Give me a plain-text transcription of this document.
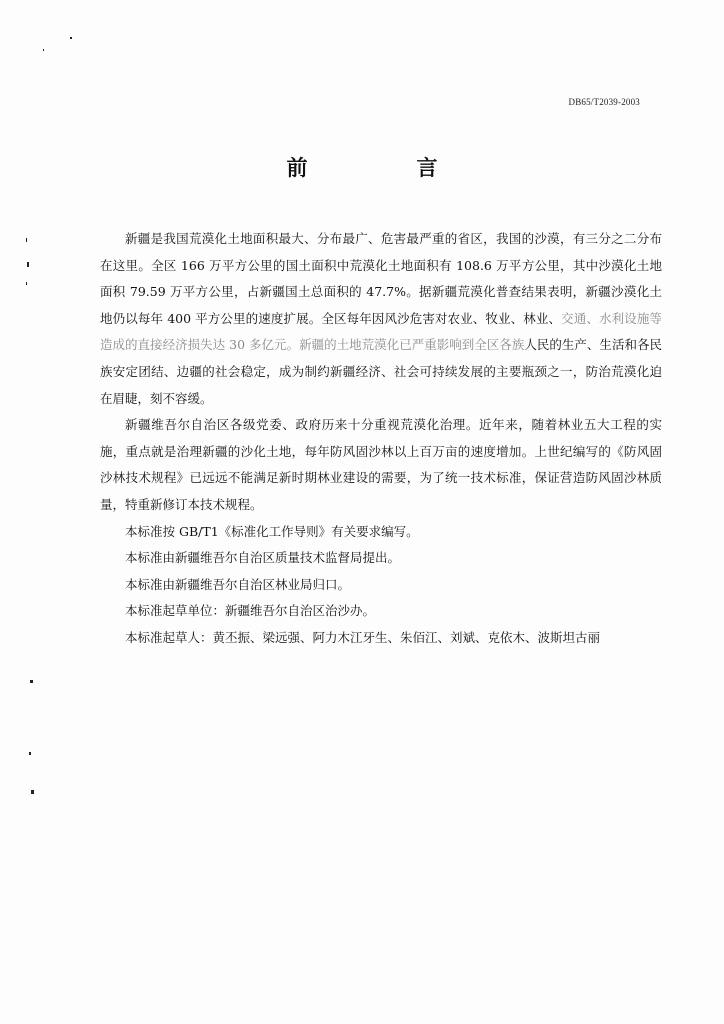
DB65/T2039-2003
前　言

新疆是我国荒漠化土地面积最大、分布最广、危害最严重的省区，我国的沙漠，有三分之二分布在这里。全区 166 万平方公里的国土面积中荒漠化土地面积有 108.6 万平方公里，其中沙漠化土地面积 79.59 万平方公里，占新疆国土总面积的 47.7%。据新疆荒漠化普查结果表明，新疆沙漠化土地仍以每年 400 平方公里的速度扩展。全区每年因风沙危害对农业、牧业、林业、交通、水利设施等造成的直接经济损失达 30 多亿元。新疆的土地荒漠化已严重影响到全区各族人民的生产、生活和各民族安定团结、边疆的社会稳定，成为制约新疆经济、社会可持续发展的主要瓶颈之一，防治荒漠化迫在眉睫，刻不容缓。

新疆维吾尔自治区各级党委、政府历来十分重视荒漠化治理。近年来，随着林业五大工程的实施，重点就是治理新疆的沙化土地，每年防风固沙林以上百万亩的速度增加。上世纪编写的《防风固沙林技术规程》已远远不能满足新时期林业建设的需要，为了统一技术标准，保证营造防风固沙林质量，特重新修订本技术规程。

本标准按 GB/T1《标准化工作导则》有关要求编写。

本标准由新疆维吾尔自治区质量技术监督局提出。

本标准由新疆维吾尔自治区林业局归口。

本标准起草单位：新疆维吾尔自治区治沙办。

本标准起草人：黄丕振、梁远强、阿力木江牙生、朱佰江、刘斌、克依木、波斯坦古丽
